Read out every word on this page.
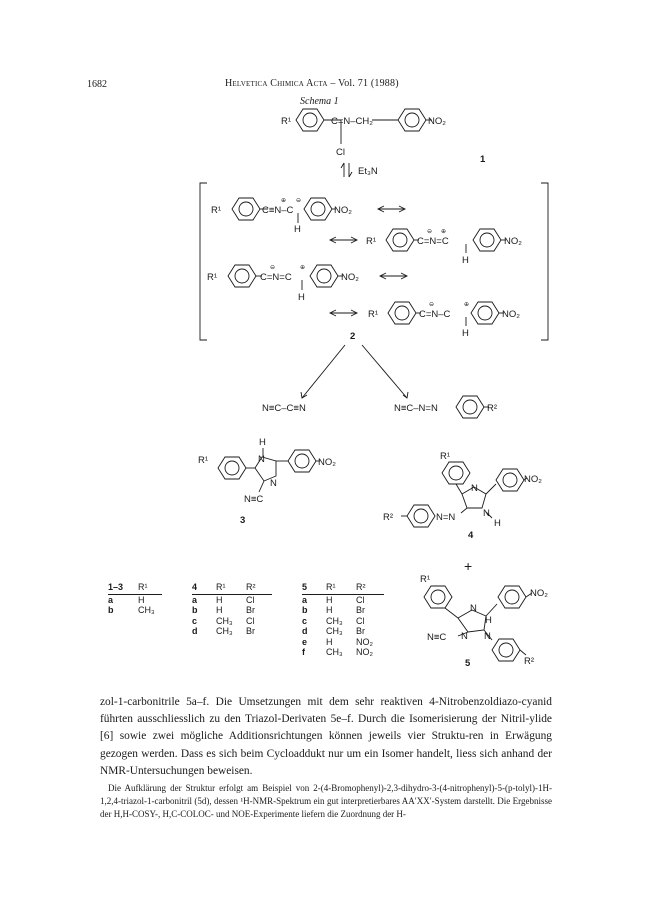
1682	Helvetica Chimica Acta – Vol. 71 (1988)
Schema 1
R¹	C=N–CH₂	NO₂
Cl
1
Et₃N
R¹	C≡N–C
⊕ ⊖
H
NO₂
R¹	C=N=C
⊖ ⊕
H
NO₂
R¹	C=N=C
⊖	⊕
H
NO₂
R¹	C=N–C
⊖	⊕
H
NO₂
2
N≡C–C≡N	N≡C–N=N	R²
H
R¹	N
N
NO₂
N≡C
3
R¹
N
NO₂
N=N	N
H
R²
4
+
R¹
NO₂
N
H
N≡C N N
R²
5
1–3	R¹
a	H
b	CH₃
4	R¹	R²
a	H	Cl
b	H	Br
c	CH₃	Cl
d	CH₃	Br
5	R¹	R²
a	H	Cl
b	H	Br
c	CH₃	Cl
d	CH₃	Br
e	H	NO₂
f	CH₃	NO₂
zol-1-carbonitrile 5a–f. Die Umsetzungen mit dem sehr reaktiven 4-Nitrobenzoldiazo-cyanid führten ausschliesslich zu den Triazol-Derivaten 5e–f. Durch die Isomerisierung der Nitril-ylide [6] sowie zwei mögliche Additionsrichtungen können jeweils vier Struktu-ren in Erwägung gezogen werden. Dass es sich beim Cycloaddukt nur um ein Isomer handelt, liess sich anhand der NMR-Untersuchungen beweisen.
Die Aufklärung der Struktur erfolgt am Beispiel von 2-(4-Bromophenyl)-2,3-dihydro-3-(4-nitrophenyl)-5-(p-tolyl)-1H-1,2,4-triazol-1-carbonitril (5d), dessen ¹H-NMR-Spektrum ein gut interpretierbares AA′XX′-System darstellt. Die Ergebnisse der H,H-COSY-, H,C-COLOC- und NOE-Experimente liefern die Zuordnung der H-
